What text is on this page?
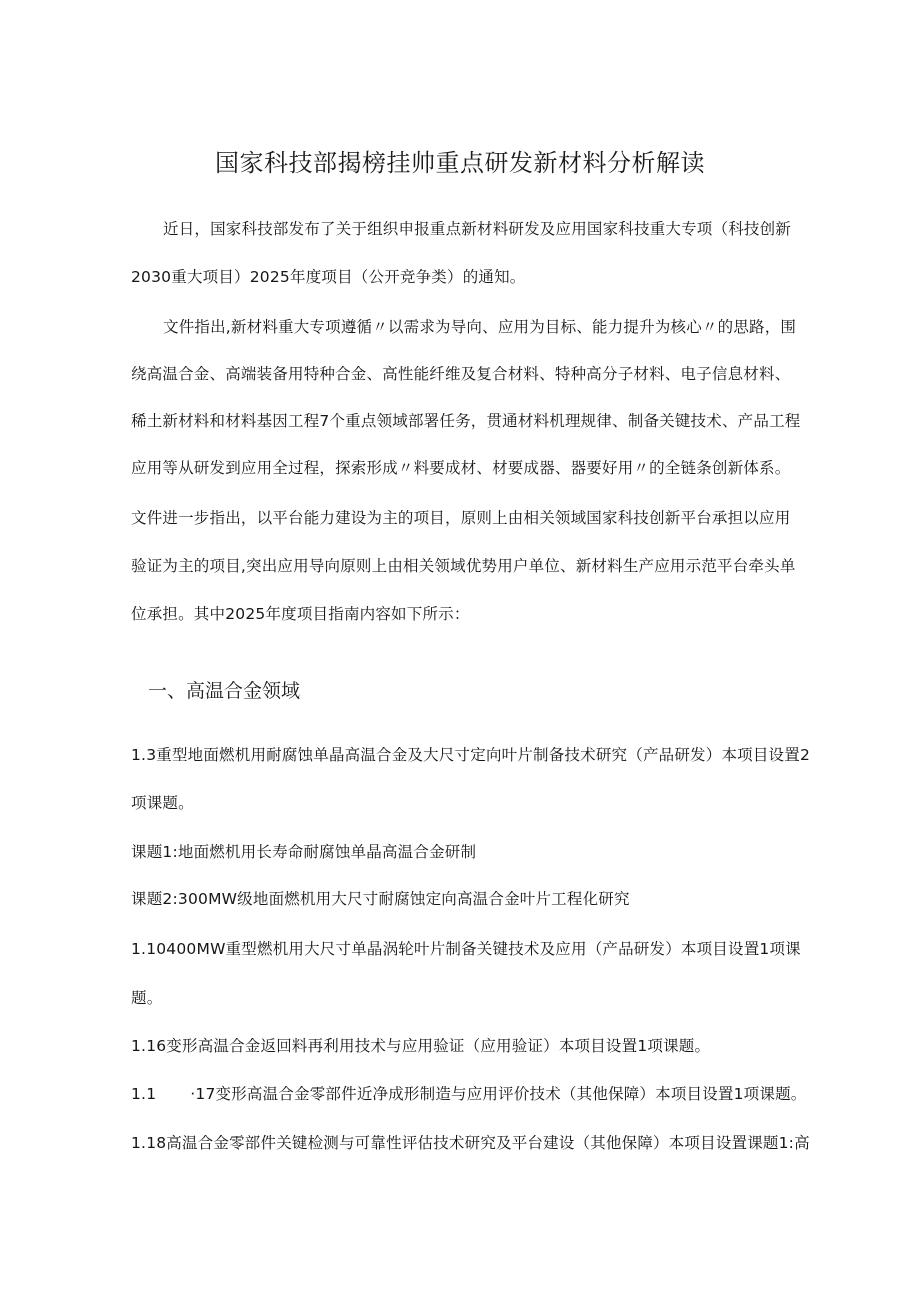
国家科技部揭榜挂帅重点研发新材料分析解读
近日，国家科技部发布了关于组织申报重点新材料研发及应用国家科技重大专项（科技创新
2030重大项目）2025年度项目（公开竞争类）的通知。
文件指出,新材料重大专项遵循〃以需求为导向、应用为目标、能力提升为核心〃的思路，围
绕高温合金、高端装备用特种合金、高性能纤维及复合材料、特种高分子材料、电子信息材料、
稀土新材料和材料基因工程7个重点领域部署任务，贯通材料机理规律、制备关键技术、产品工程
应用等从研发到应用全过程，探索形成〃料要成材、材要成器、器要好用〃的全链条创新体系。
文件进一步指出，以平台能力建设为主的项目，原则上由相关领域国家科技创新平台承担以应用
验证为主的项目,突出应用导向原则上由相关领域优势用户单位、新材料生产应用示范平台牵头单
位承担。其中2025年度项目指南内容如下所示：
一、高温合金领域
1.3重型地面燃机用耐腐蚀单晶高温合金及大尺寸定向叶片制备技术研究（产品研发）本项目设置2
项课题。
课题1:地面燃机用长寿命耐腐蚀单晶高温合金研制
课题2:300MW级地面燃机用大尺寸耐腐蚀定向高温合金叶片工程化研究
1.10400MW重型燃机用大尺寸单晶涡轮叶片制备关键技术及应用（产品研发）本项目设置1项课
题。
1.16变形高温合金返回料再利用技术与应用验证（应用验证）本项目设置1项课题。
1.1 ·17变形高温合金零部件近净成形制造与应用评价技术（其他保障）本项目设置1项课题。
1.18高温合金零部件关键检测与可靠性评估技术研究及平台建设（其他保障）本项目设置课题1:高
